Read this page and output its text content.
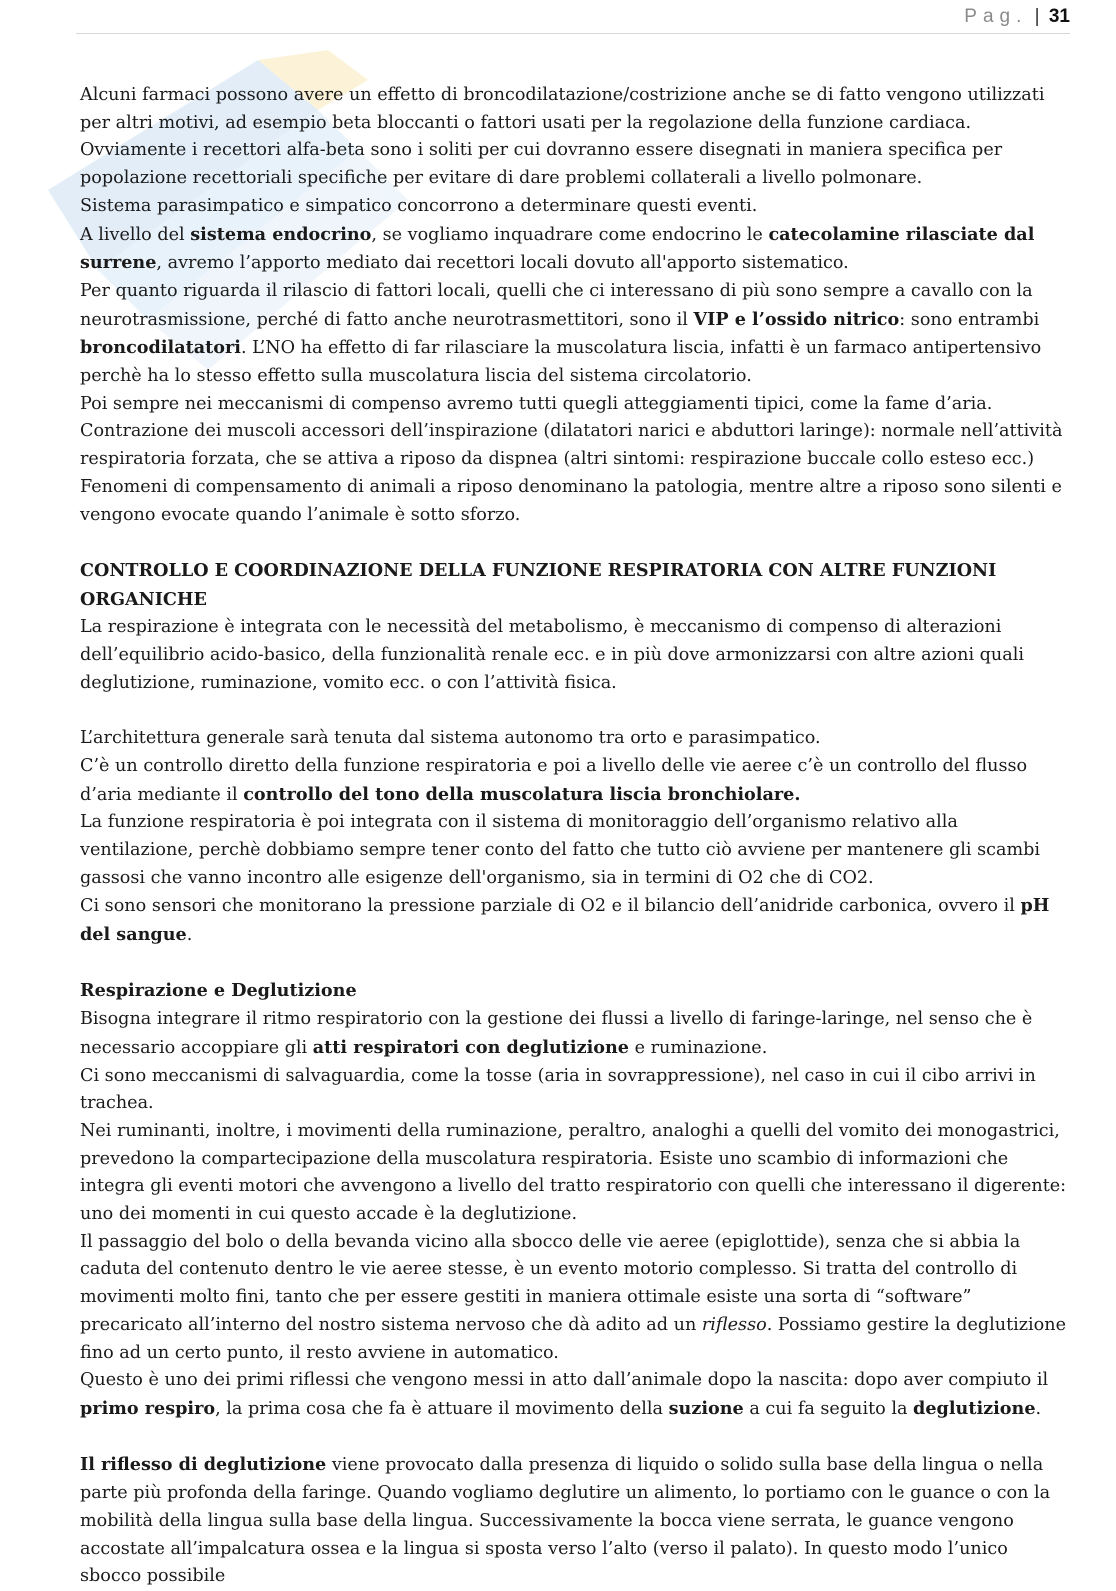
Pag. | 31

Alcuni farmaci possono avere un effetto di broncodilatazione/costrizione anche se di fatto vengono utilizzati per altri motivi, ad esempio beta bloccanti o fattori usati per la regolazione della funzione cardiaca. Ovviamente i recettori alfa-beta sono i soliti per cui dovranno essere disegnati in maniera specifica per popolazione recettoriali specifiche per evitare di dare problemi collaterali a livello polmonare.

Sistema parasimpatico e simpatico concorrono a determinare questi eventi.

A livello del sistema endocrino, se vogliamo inquadrare come endocrino le catecolamine rilasciate dal surrene, avremo l’apporto mediato dai recettori locali dovuto all'apporto sistematico.

Per quanto riguarda il rilascio di fattori locali, quelli che ci interessano di più sono sempre a cavallo con la neurotrasmissione, perché di fatto anche neurotrasmettitori, sono il VIP e l’ossido nitrico: sono entrambi broncodilatatori. L’NO ha effetto di far rilasciare la muscolatura liscia, infatti è un farmaco antipertensivo perchè ha lo stesso effetto sulla muscolatura liscia del sistema circolatorio.

Poi sempre nei meccanismi di compenso avremo tutti quegli atteggiamenti tipici, come la fame d’aria.

Contrazione dei muscoli accessori dell’inspirazione (dilatatori narici e abduttori laringe): normale nell’attività respiratoria forzata, che se attiva a riposo da dispnea (altri sintomi: respirazione buccale collo esteso ecc.)

Fenomeni di compensamento di animali a riposo denominano la patologia, mentre altre a riposo sono silenti e vengono evocate quando l’animale è sotto sforzo.

CONTROLLO E COORDINAZIONE DELLA FUNZIONE RESPIRATORIA CON ALTRE FUNZIONI ORGANICHE

La respirazione è integrata con le necessità del metabolismo, è meccanismo di compenso di alterazioni dell’equilibrio acido-basico, della funzionalità renale ecc. e in più dove armonizzarsi con altre azioni quali deglutizione, ruminazione, vomito ecc. o con l’attività fisica.

L’architettura generale sarà tenuta dal sistema autonomo tra orto e parasimpatico.

C’è un controllo diretto della funzione respiratoria e poi a livello delle vie aeree c’è un controllo del flusso d’aria mediante il controllo del tono della muscolatura liscia bronchiolare.

La funzione respiratoria è poi integrata con il sistema di monitoraggio dell’organismo relativo alla ventilazione, perchè dobbiamo sempre tener conto del fatto che tutto ciò avviene per mantenere gli scambi gassosi che vanno incontro alle esigenze dell'organismo, sia in termini di O2 che di CO2.

Ci sono sensori che monitorano la pressione parziale di O2 e il bilancio dell’anidride carbonica, ovvero il pH del sangue.

Respirazione e Deglutizione

Bisogna integrare il ritmo respiratorio con la gestione dei flussi a livello di faringe-laringe, nel senso che è necessario accoppiare gli atti respiratori con deglutizione e ruminazione.

Ci sono meccanismi di salvaguardia, come la tosse (aria in sovrappressione), nel caso in cui il cibo arrivi in trachea.

Nei ruminanti, inoltre, i movimenti della ruminazione, peraltro, analoghi a quelli del vomito dei monogastrici, prevedono la compartecipazione della muscolatura respiratoria. Esiste uno scambio di informazioni che integra gli eventi motori che avvengono a livello del tratto respiratorio con quelli che interessano il digerente: uno dei momenti in cui questo accade è la deglutizione.

Il passaggio del bolo o della bevanda vicino alla sbocco delle vie aeree (epiglottide), senza che si abbia la caduta del contenuto dentro le vie aeree stesse, è un evento motorio complesso. Si tratta del controllo di movimenti molto fini, tanto che per essere gestiti in maniera ottimale esiste una sorta di “software” precaricato all’interno del nostro sistema nervoso che dà adito ad un riflesso. Possiamo gestire la deglutizione fino ad un certo punto, il resto avviene in automatico.

Questo è uno dei primi riflessi che vengono messi in atto dall’animale dopo la nascita: dopo aver compiuto il primo respiro, la prima cosa che fa è attuare il movimento della suzione a cui fa seguito la deglutizione.

Il riflesso di deglutizione viene provocato dalla presenza di liquido o solido sulla base della lingua o nella parte più profonda della faringe. Quando vogliamo deglutire un alimento, lo portiamo con le guance o con la mobilità della lingua sulla base della lingua. Successivamente la bocca viene serrata, le guance vengono accostate all’impalcatura ossea e la lingua si sposta verso l’alto (verso il palato). In questo modo l’unico sbocco possibile
